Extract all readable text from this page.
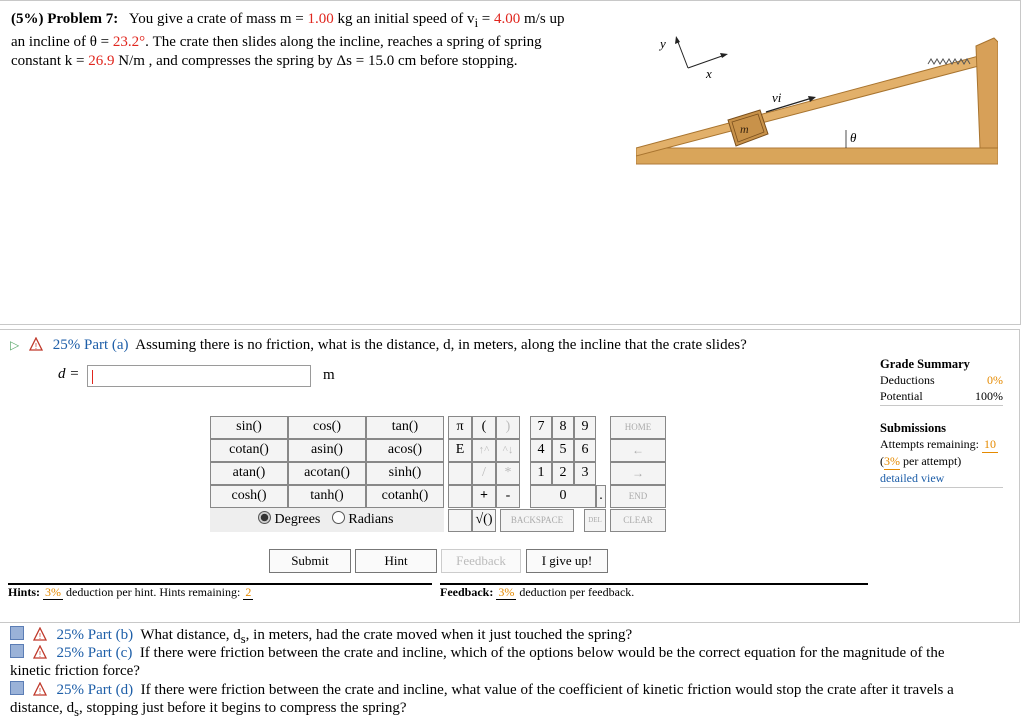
(5%) Problem 7: You give a crate of mass m = 1.00 kg an initial speed of $v_i = 4.00$ m/s up
an incline of θ = 23.2°. The crate then slides along the incline, reaches a spring of spring
constant k = 26.9 N/m , and compresses the spring by Δs = 15.0 cm before stopping.
y
x
m
vi
θ
▷ ! 25% Part (a) Assuming there is no friction, what is the distance, d, in meters, along the incline that the crate slides?
d =	m
sin()	cos()	tan()
cotan()	asin()	acos()
atan()	acotan()	sinh()
cosh()	tanh()	cotanh()
Degrees Radians
π	(	)
E	↑^	^↓
/	*
+	-
√()
7	8	9
4	5	6
1	2	3
0	.
BACKSPACE	DEL
HOME
←
→
END
CLEAR
Submit	Hint	Feedback	I give up!
Hints: 3% deduction per hint. Hints remaining: 2	Feedback: 3% deduction per feedback.
Grade Summary
Deductions	0%
Potential	100%
Submissions
Attempts remaining:
10
( 3%
per attempt)
detailed view

! 25% Part (b) What distance, $d_s$, in meters, had the crate moved when it just touched the spring?

! 25% Part (c) If there were friction between the crate and incline, which of the options below would be the correct equation for the magnitude of the
kinetic friction force?

! 25% Part (d) If there were friction between the crate and incline, what value of the coefficient of kinetic friction would stop the crate after it travels a
distance, $d_s$, stopping just before it begins to compress the spring?
